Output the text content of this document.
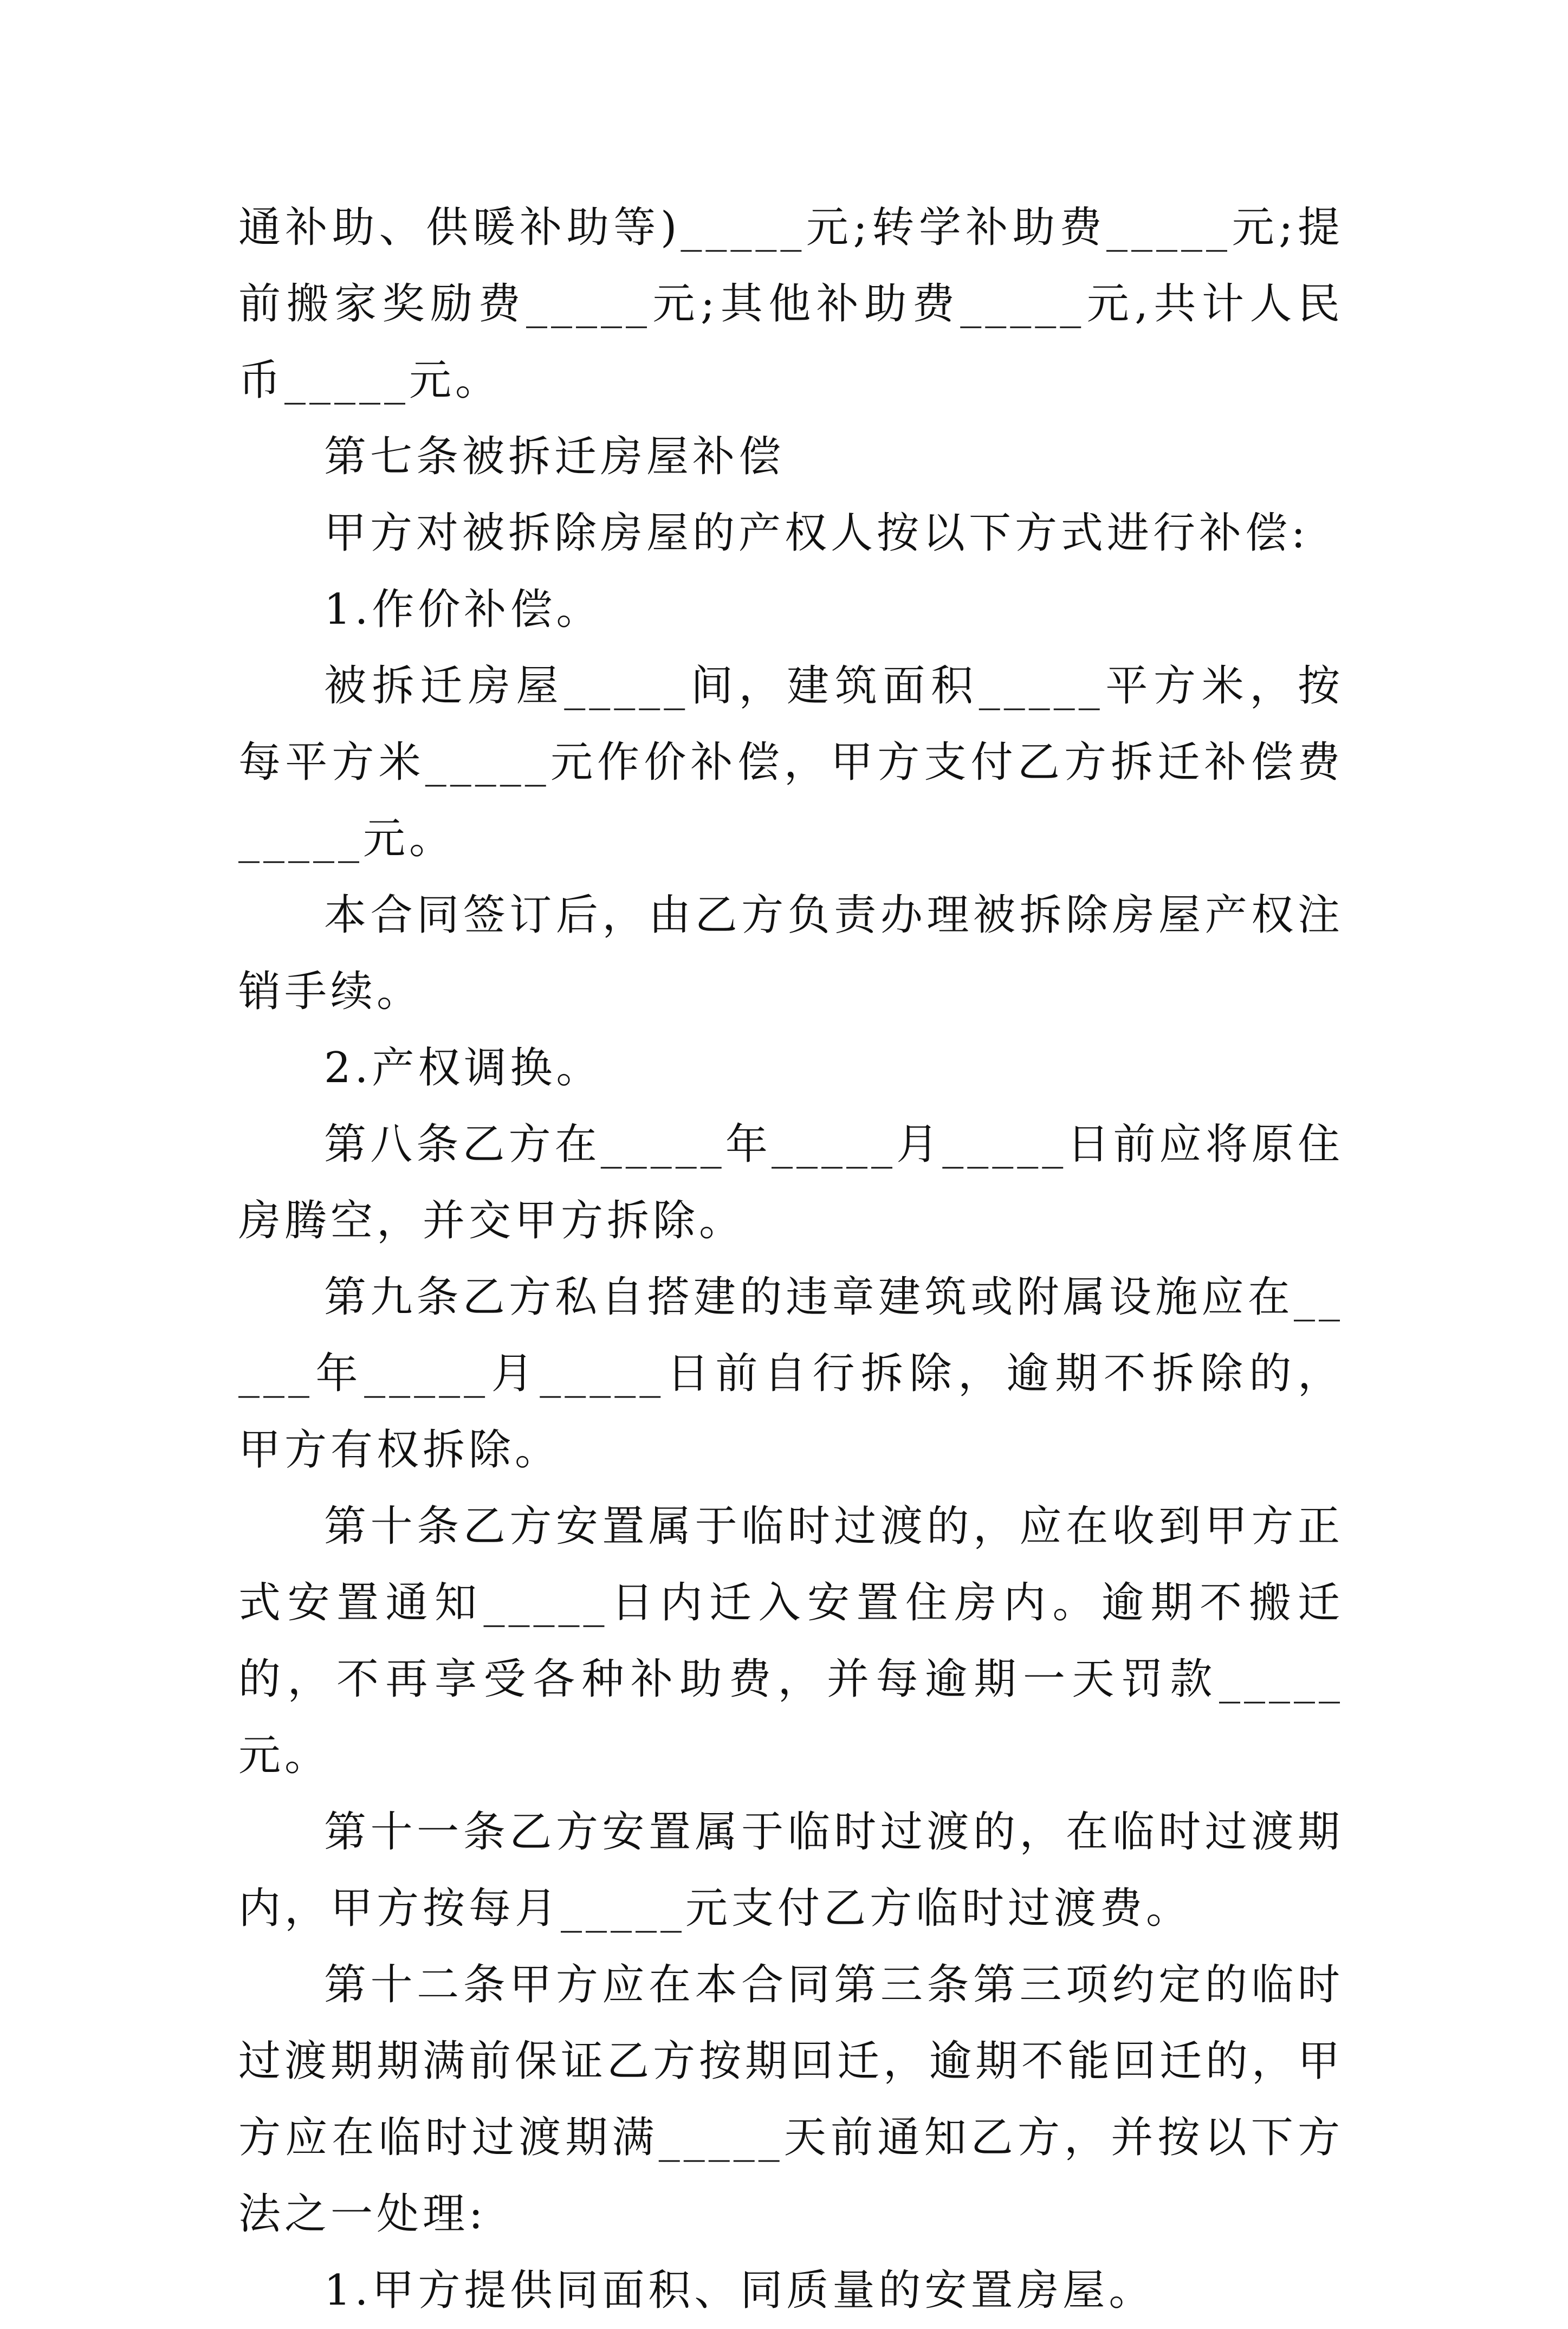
通补助、供暖补助等)_____元;转学补助费_____元;提前搬家奖励费_____元;其他补助费_____元,共计人民币_____元。

第七条被拆迁房屋补偿

甲方对被拆除房屋的产权人按以下方式进行补偿:

1.作价补偿。

被拆迁房屋_____间，建筑面积_____平方米，按每平方米_____元作价补偿，甲方支付乙方拆迁补偿费_____元。

本合同签订后，由乙方负责办理被拆除房屋产权注销手续。

2.产权调换。

第八条乙方在_____年_____月_____日前应将原住房腾空，并交甲方拆除。

第九条乙方私自搭建的违章建筑或附属设施应在_____年_____月_____日前自行拆除，逾期不拆除的，甲方有权拆除。

第十条乙方安置属于临时过渡的，应在收到甲方正式安置通知_____日内迁入安置住房内。逾期不搬迁的，不再享受各种补助费，并每逾期一天罚款_____元。

第十一条乙方安置属于临时过渡的，在临时过渡期内，甲方按每月_____元支付乙方临时过渡费。

第十二条甲方应在本合同第三条第三项约定的临时过渡期期满前保证乙方按期回迁，逾期不能回迁的，甲方应在临时过渡期满_____天前通知乙方，并按以下方法之一处理:

1.甲方提供同面积、同质量的安置房屋。
